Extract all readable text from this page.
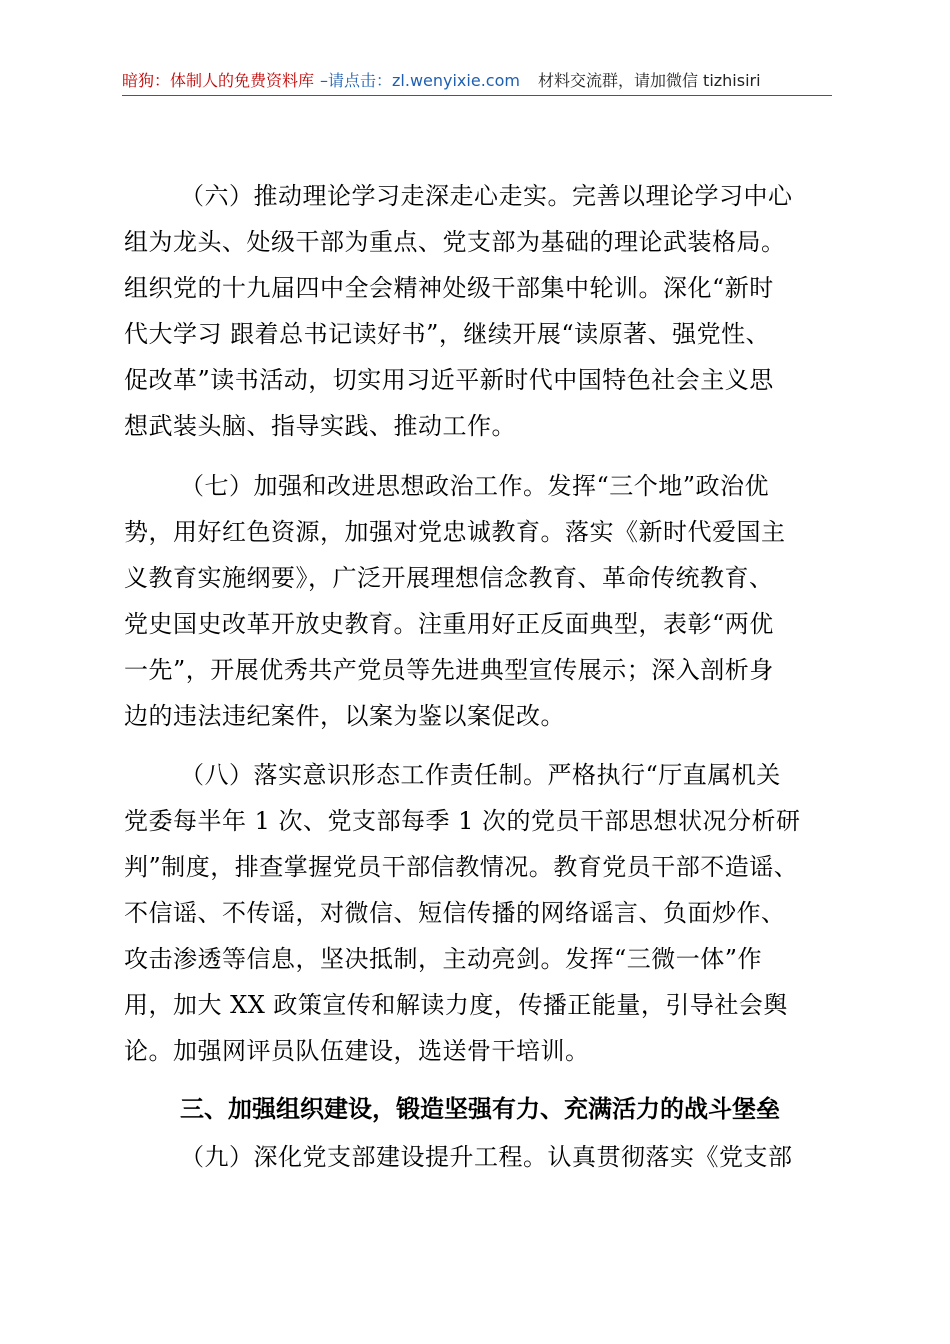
暗狗：体制人的免费资料库 –请点击：zl.wenyixie.com 材料交流群，请加微信 tizhisiri
（六）推动理论学习走深走心走实。完善以理论学习中心
组为龙头、处级干部为重点、党支部为基础的理论武装格局。
组织党的十九届四中全会精神处级干部集中轮训。深化“新时
代大学习 跟着总书记读好书”，继续开展“读原著、强党性、
促改革”读书活动，切实用习近平新时代中国特色社会主义思
想武装头脑、指导实践、推动工作。
（七）加强和改进思想政治工作。发挥“三个地”政治优
势，用好红色资源，加强对党忠诚教育。落实《新时代爱国主
义教育实施纲要》，广泛开展理想信念教育、革命传统教育、
党史国史改革开放史教育。注重用好正反面典型，表彰“两优
一先”，开展优秀共产党员等先进典型宣传展示；深入剖析身
边的违法违纪案件，以案为鉴以案促改。
（八）落实意识形态工作责任制。严格执行“厅直属机关
党委每半年 1 次、党支部每季 1 次的党员干部思想状况分析研
判”制度，排查掌握党员干部信教情况。教育党员干部不造谣、
不信谣、不传谣，对微信、短信传播的网络谣言、负面炒作、
攻击渗透等信息，坚决抵制，主动亮剑。发挥“三微一体”作
用，加大 XX 政策宣传和解读力度，传播正能量，引导社会舆
论。加强网评员队伍建设，选送骨干培训。
三、加强组织建设，锻造坚强有力、充满活力的战斗堡垒
（九）深化党支部建设提升工程。认真贯彻落实《党支部
